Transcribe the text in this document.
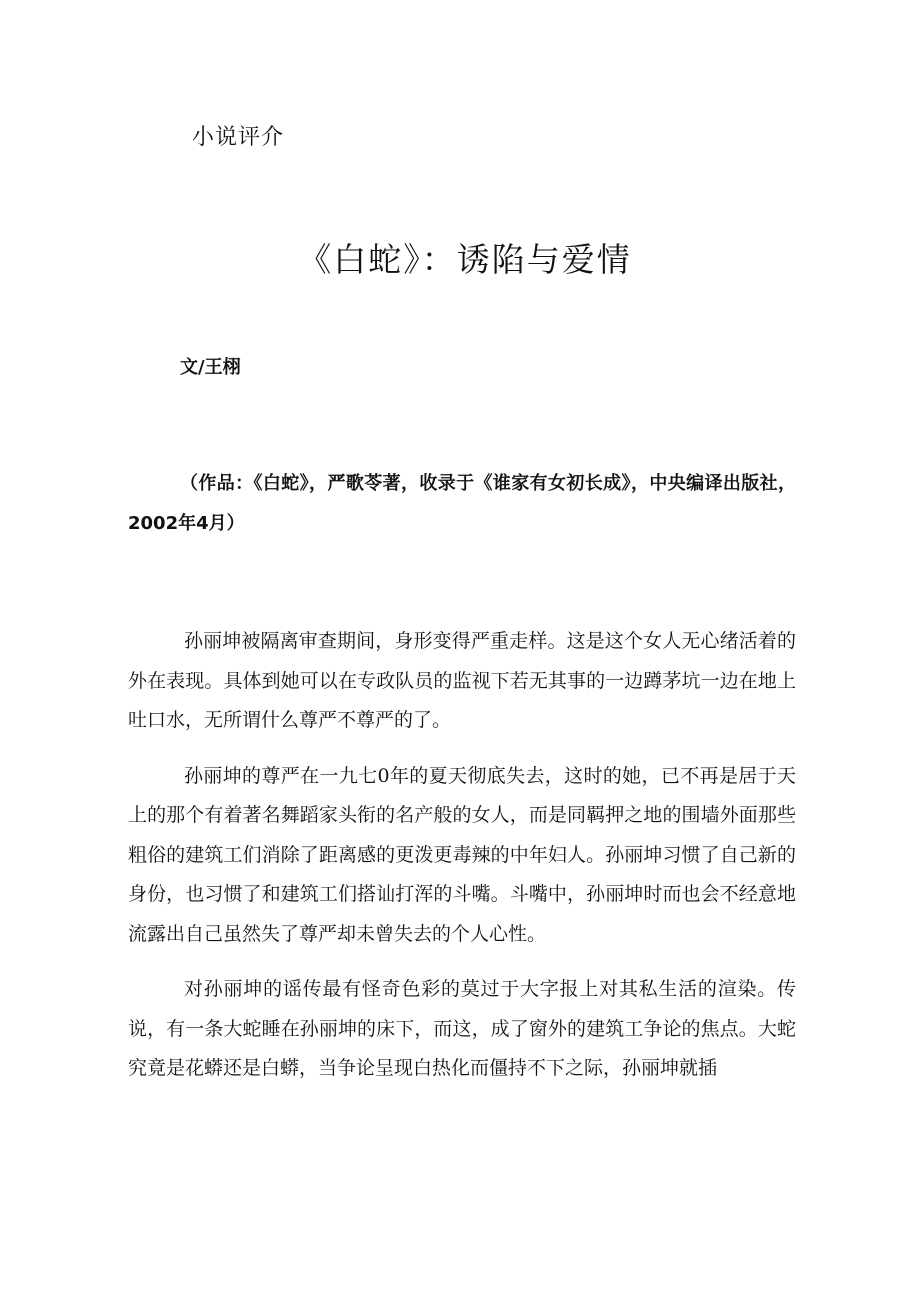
小说评介
《白蛇》：诱陷与爱情
文/王栩
（作品：《白蛇》，严歌苓著，收录于《谁家有女初长成》，中央编译出版社，2002年4月）

孙丽坤被隔离审查期间，身形变得严重走样。这是这个女人无心绪活着的外在表现。具体到她可以在专政队员的监视下若无其事的一边蹲茅坑一边在地上吐口水，无所谓什么尊严不尊严的了。

孙丽坤的尊严在一九七0年的夏天彻底失去，这时的她，已不再是居于天上的那个有着著名舞蹈家头衔的名产般的女人，而是同羁押之地的围墙外面那些粗俗的建筑工们消除了距离感的更泼更毒辣的中年妇人。孙丽坤习惯了自己新的身份，也习惯了和建筑工们搭讪打浑的斗嘴。斗嘴中，孙丽坤时而也会不经意地流露出自己虽然失了尊严却未曾失去的个人心性。

对孙丽坤的谣传最有怪奇色彩的莫过于大字报上对其私生活的渲染。传说，有一条大蛇睡在孙丽坤的床下，而这，成了窗外的建筑工争论的焦点。大蛇究竟是花蟒还是白蟒，当争论呈现白热化而僵持不下之际，孙丽坤就插
